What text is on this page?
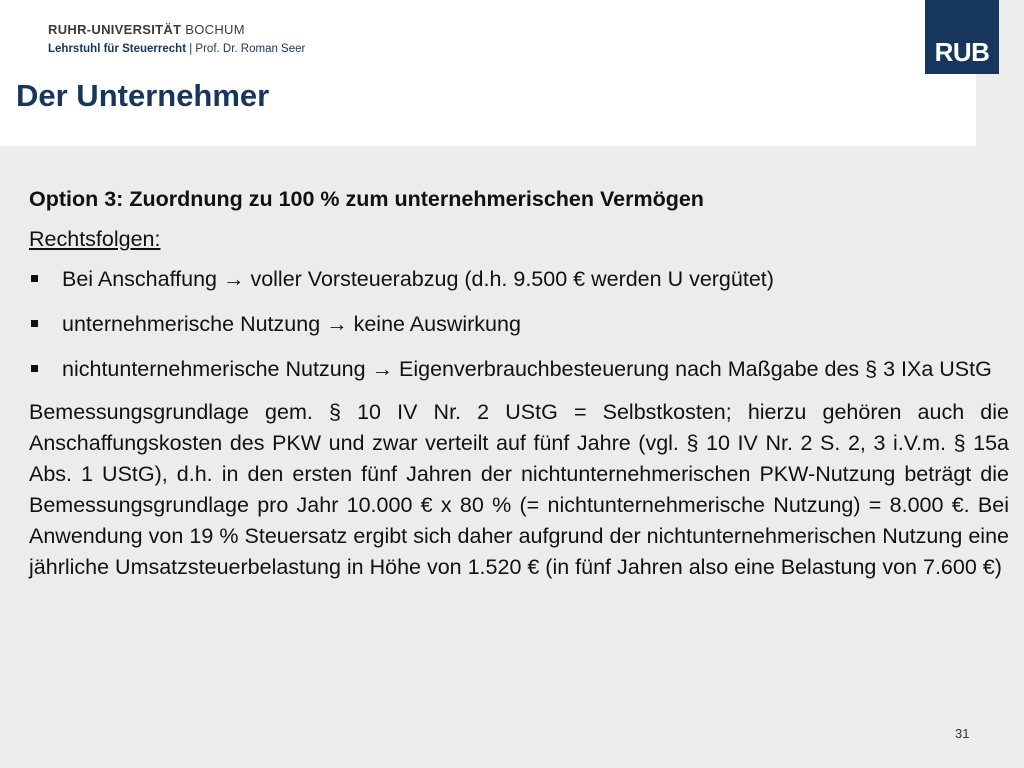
RUHR-UNIVERSITÄT BOCHUM
Lehrstuhl für Steuerrecht | Prof. Dr. Roman Seer
Der Unternehmer
RUB

Option 3: Zuordnung zu 100 % zum unternehmerischen Vermögen

Rechtsfolgen:

Bei Anschaffung → voller Vorsteuerabzug (d.h. 9.500 € werden U vergütet)
unternehmerische Nutzung → keine Auswirkung
nichtunternehmerische Nutzung → Eigenverbrauchbesteuerung nach Maßgabe des § 3 IXa UStG

Bemessungsgrundlage gem. § 10 IV Nr. 2 UStG = Selbstkosten; hierzu gehören auch die Anschaffungskosten des PKW und zwar verteilt auf fünf Jahre (vgl. § 10 IV Nr. 2 S. 2, 3 i.V.m. § 15a Abs. 1 UStG), d.h. in den ersten fünf Jahren der nichtunternehmerischen PKW-Nutzung beträgt die Bemessungsgrundlage pro Jahr 10.000 € x 80 % (= nichtunternehmerische Nutzung) = 8.000 €. Bei Anwendung von 19 % Steuersatz ergibt sich daher aufgrund der nichtunternehmerischen Nutzung eine jährliche Umsatzsteuerbelastung in Höhe von 1.520 € (in fünf Jahren also eine Belastung von 7.600 €)

31
